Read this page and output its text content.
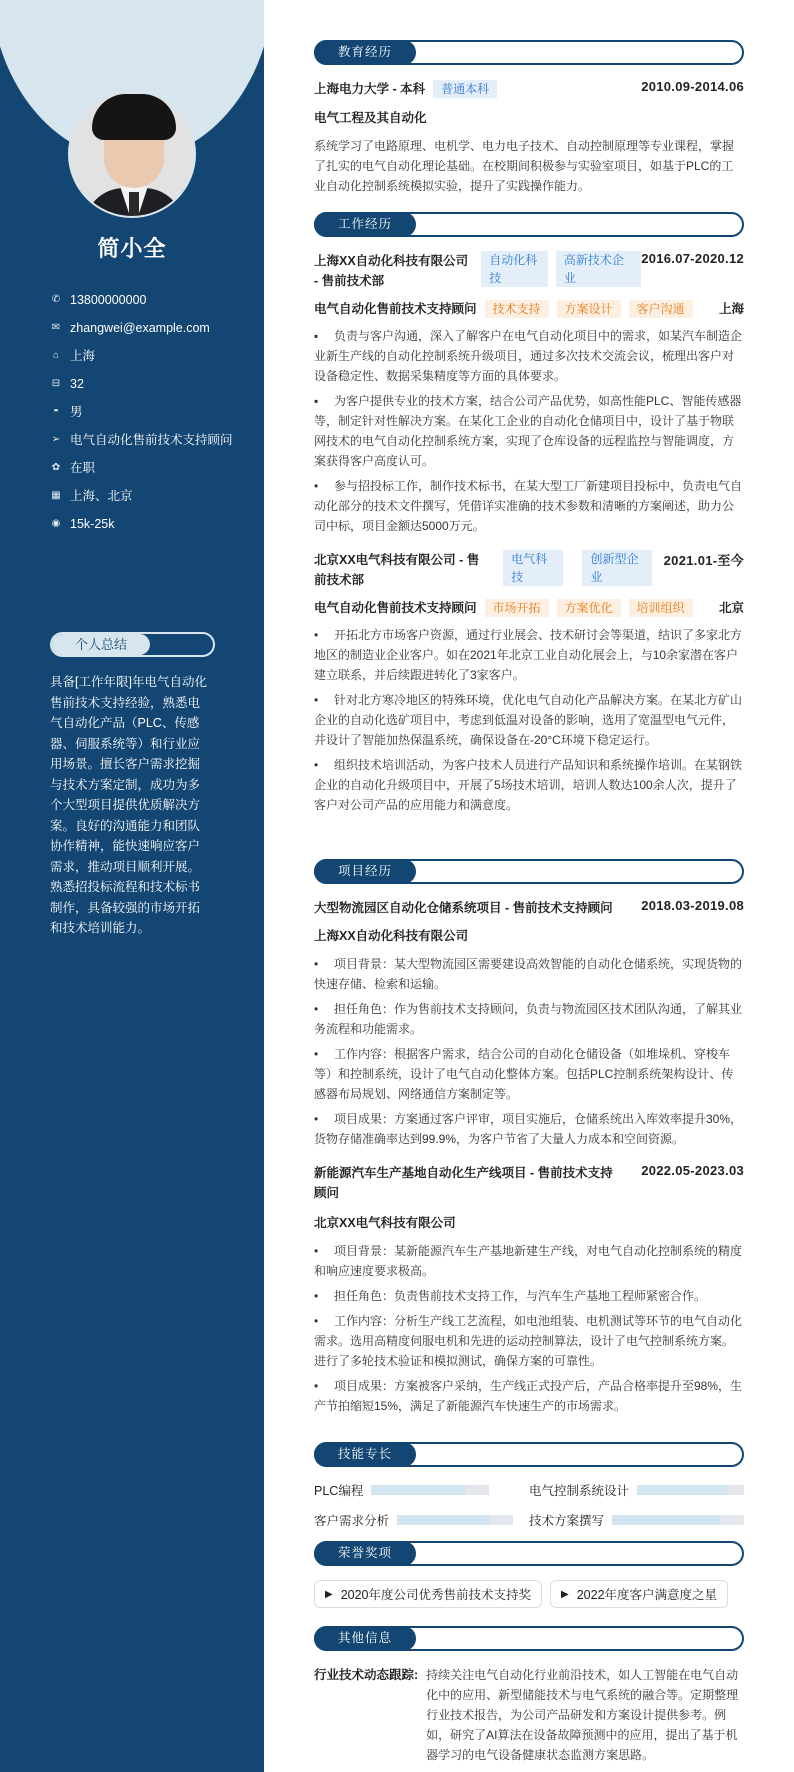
简小全
✆ 13800000000
✉ zhangwei@example.com
⌂ 上海
⊟ 32
◓ 男
➢ 电气自动化售前技术支持顾问
✿ 在职
▦ 上海、北京
◉ 15k-25k
个人总结
具备[工作年限]年电气自动化售前技术支持经验，熟悉电气自动化产品（PLC、传感器、伺服系统等）和行业应用场景。擅长客户需求挖掘与技术方案定制，成功为多个大型项目提供优质解决方案。良好的沟通能力和团队协作精神，能快速响应客户需求，推动项目顺利开展。熟悉招投标流程和技术标书制作，具备较强的市场开拓和技术培训能力。
教育经历
上海电力大学 - 本科 普通本科	2010.09-2014.06
电气工程及其自动化
系统学习了电路原理、电机学、电力电子技术、自动控制原理等专业课程，掌握了扎实的电气自动化理论基础。在校期间积极参与实验室项目，如基于PLC的工业自动化控制系统模拟实验，提升了实践操作能力。
工作经历
上海XX自动化科技有限公司 - 售前技术部
自动化科技
高新技术企业
2016.07-2020.12
电气自动化售前技术支持顾问 技术支持 方案设计 客户沟通	上海
▪ 负责与客户沟通，深入了解客户在电气自动化项目中的需求，如某汽车制造企业新生产线的自动化控制系统升级项目，通过多次技术交流会议，梳理出客户对设备稳定性、数据采集精度等方面的具体要求。
▪ 为客户提供专业的技术方案，结合公司产品优势，如高性能PLC、智能传感器等，制定针对性解决方案。在某化工企业的自动化仓储项目中，设计了基于物联网技术的电气自动化控制系统方案，实现了仓库设备的远程监控与智能调度，方案获得客户高度认可。
• 参与招投标工作，制作技术标书，在某大型工厂新建项目投标中，负责电气自动化部分的技术文件撰写，凭借详实准确的技术参数和清晰的方案阐述，助力公司中标，项目金额达5000万元。
北京XX电气科技有限公司 - 售前技术部
电气科技
创新型企业
2021.01-至今
电气自动化售前技术支持顾问 市场开拓 方案优化 培训组织	北京
• 开拓北方市场客户资源，通过行业展会、技术研讨会等渠道，结识了多家北方地区的制造业企业客户。如在2021年北京工业自动化展会上，与10余家潜在客户建立联系，并后续跟进转化了3家客户。
• 针对北方寒冷地区的特殊环境，优化电气自动化产品解决方案。在某北方矿山企业的自动化选矿项目中，考虑到低温对设备的影响，选用了宽温型电气元件，并设计了智能加热保温系统，确保设备在-20°C环境下稳定运行。
• 组织技术培训活动，为客户技术人员进行产品知识和系统操作培训。在某钢铁企业的自动化升级项目中，开展了5场技术培训，培训人数达100余人次，提升了客户对公司产品的应用能力和满意度。
项目经历
大型物流园区自动化仓储系统项目 - 售前技术支持顾问 2018.03-2019.08
上海XX自动化科技有限公司
• 项目背景：某大型物流园区需要建设高效智能的自动化仓储系统，实现货物的快速存储、检索和运输。
• 担任角色：作为售前技术支持顾问，负责与物流园区技术团队沟通，了解其业务流程和功能需求。
• 工作内容：根据客户需求，结合公司的自动化仓储设备（如堆垛机、穿梭车等）和控制系统，设计了电气自动化整体方案。包括PLC控制系统架构设计、传感器布局规划、网络通信方案制定等。
• 项目成果：方案通过客户评审，项目实施后，仓储系统出入库效率提升30%，货物存储准确率达到99.9%，为客户节省了大量人力成本和空间资源。
新能源汽车生产基地自动化生产线项目 - 售前技术支持顾问
2022.05-2023.03
北京XX电气科技有限公司
• 项目背景：某新能源汽车生产基地新建生产线，对电气自动化控制系统的精度和响应速度要求极高。
• 担任角色：负责售前技术支持工作，与汽车生产基地工程师紧密合作。
• 工作内容：分析生产线工艺流程，如电池组装、电机测试等环节的电气自动化需求。选用高精度伺服电机和先进的运动控制算法，设计了电气控制系统方案。进行了多轮技术验证和模拟测试，确保方案的可靠性。
• 项目成果：方案被客户采纳，生产线正式投产后，产品合格率提升至98%，生产节拍缩短15%，满足了新能源汽车快速生产的市场需求。
技能专长
PLC编程	电气控制系统设计
客户需求分析	技术方案撰写
荣誉奖项
▶ 2020年度公司优秀售前技术支持奖	▶ 2022年度客户满意度之星
其他信息
行业技术动态跟踪: 持续关注电气自动化行业前沿技术，如人工智能在电气自动化中的应用、新型储能技术与电气系统的融合等。定期整理行业技术报告，为公司产品研发和方案设计提供参考。例如，研究了AI算法在设备故障预测中的应用，提出了基于机器学习的电气设备健康状态监测方案思路。
